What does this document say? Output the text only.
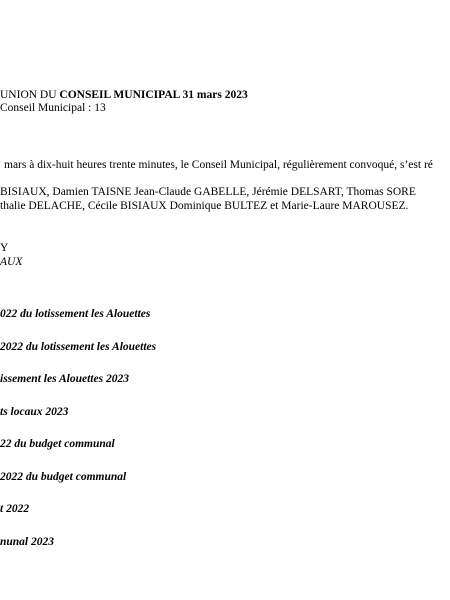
UNION DU CONSEIL MUNICIPAL 31 mars 2023
Conseil Municipal : 13
mars à dix-huit heures trente minutes, le Conseil Municipal, régulièrement convoqué, s’est ré
BISIAUX, Damien TAISNE Jean-Claude GABELLE, Jérémie DELSART, Thomas SORE
thalie DELACHE, Cécile BISIAUX Dominique BULTEZ et Marie-Laure MAROUSEZ.
Y
AUX
022 du lotissement les Alouettes
2022 du lotissement les Alouettes
issement les Alouettes 2023
ts locaux 2023
22 du budget communal
2022 du budget communal
t 2022
nunal 2023
